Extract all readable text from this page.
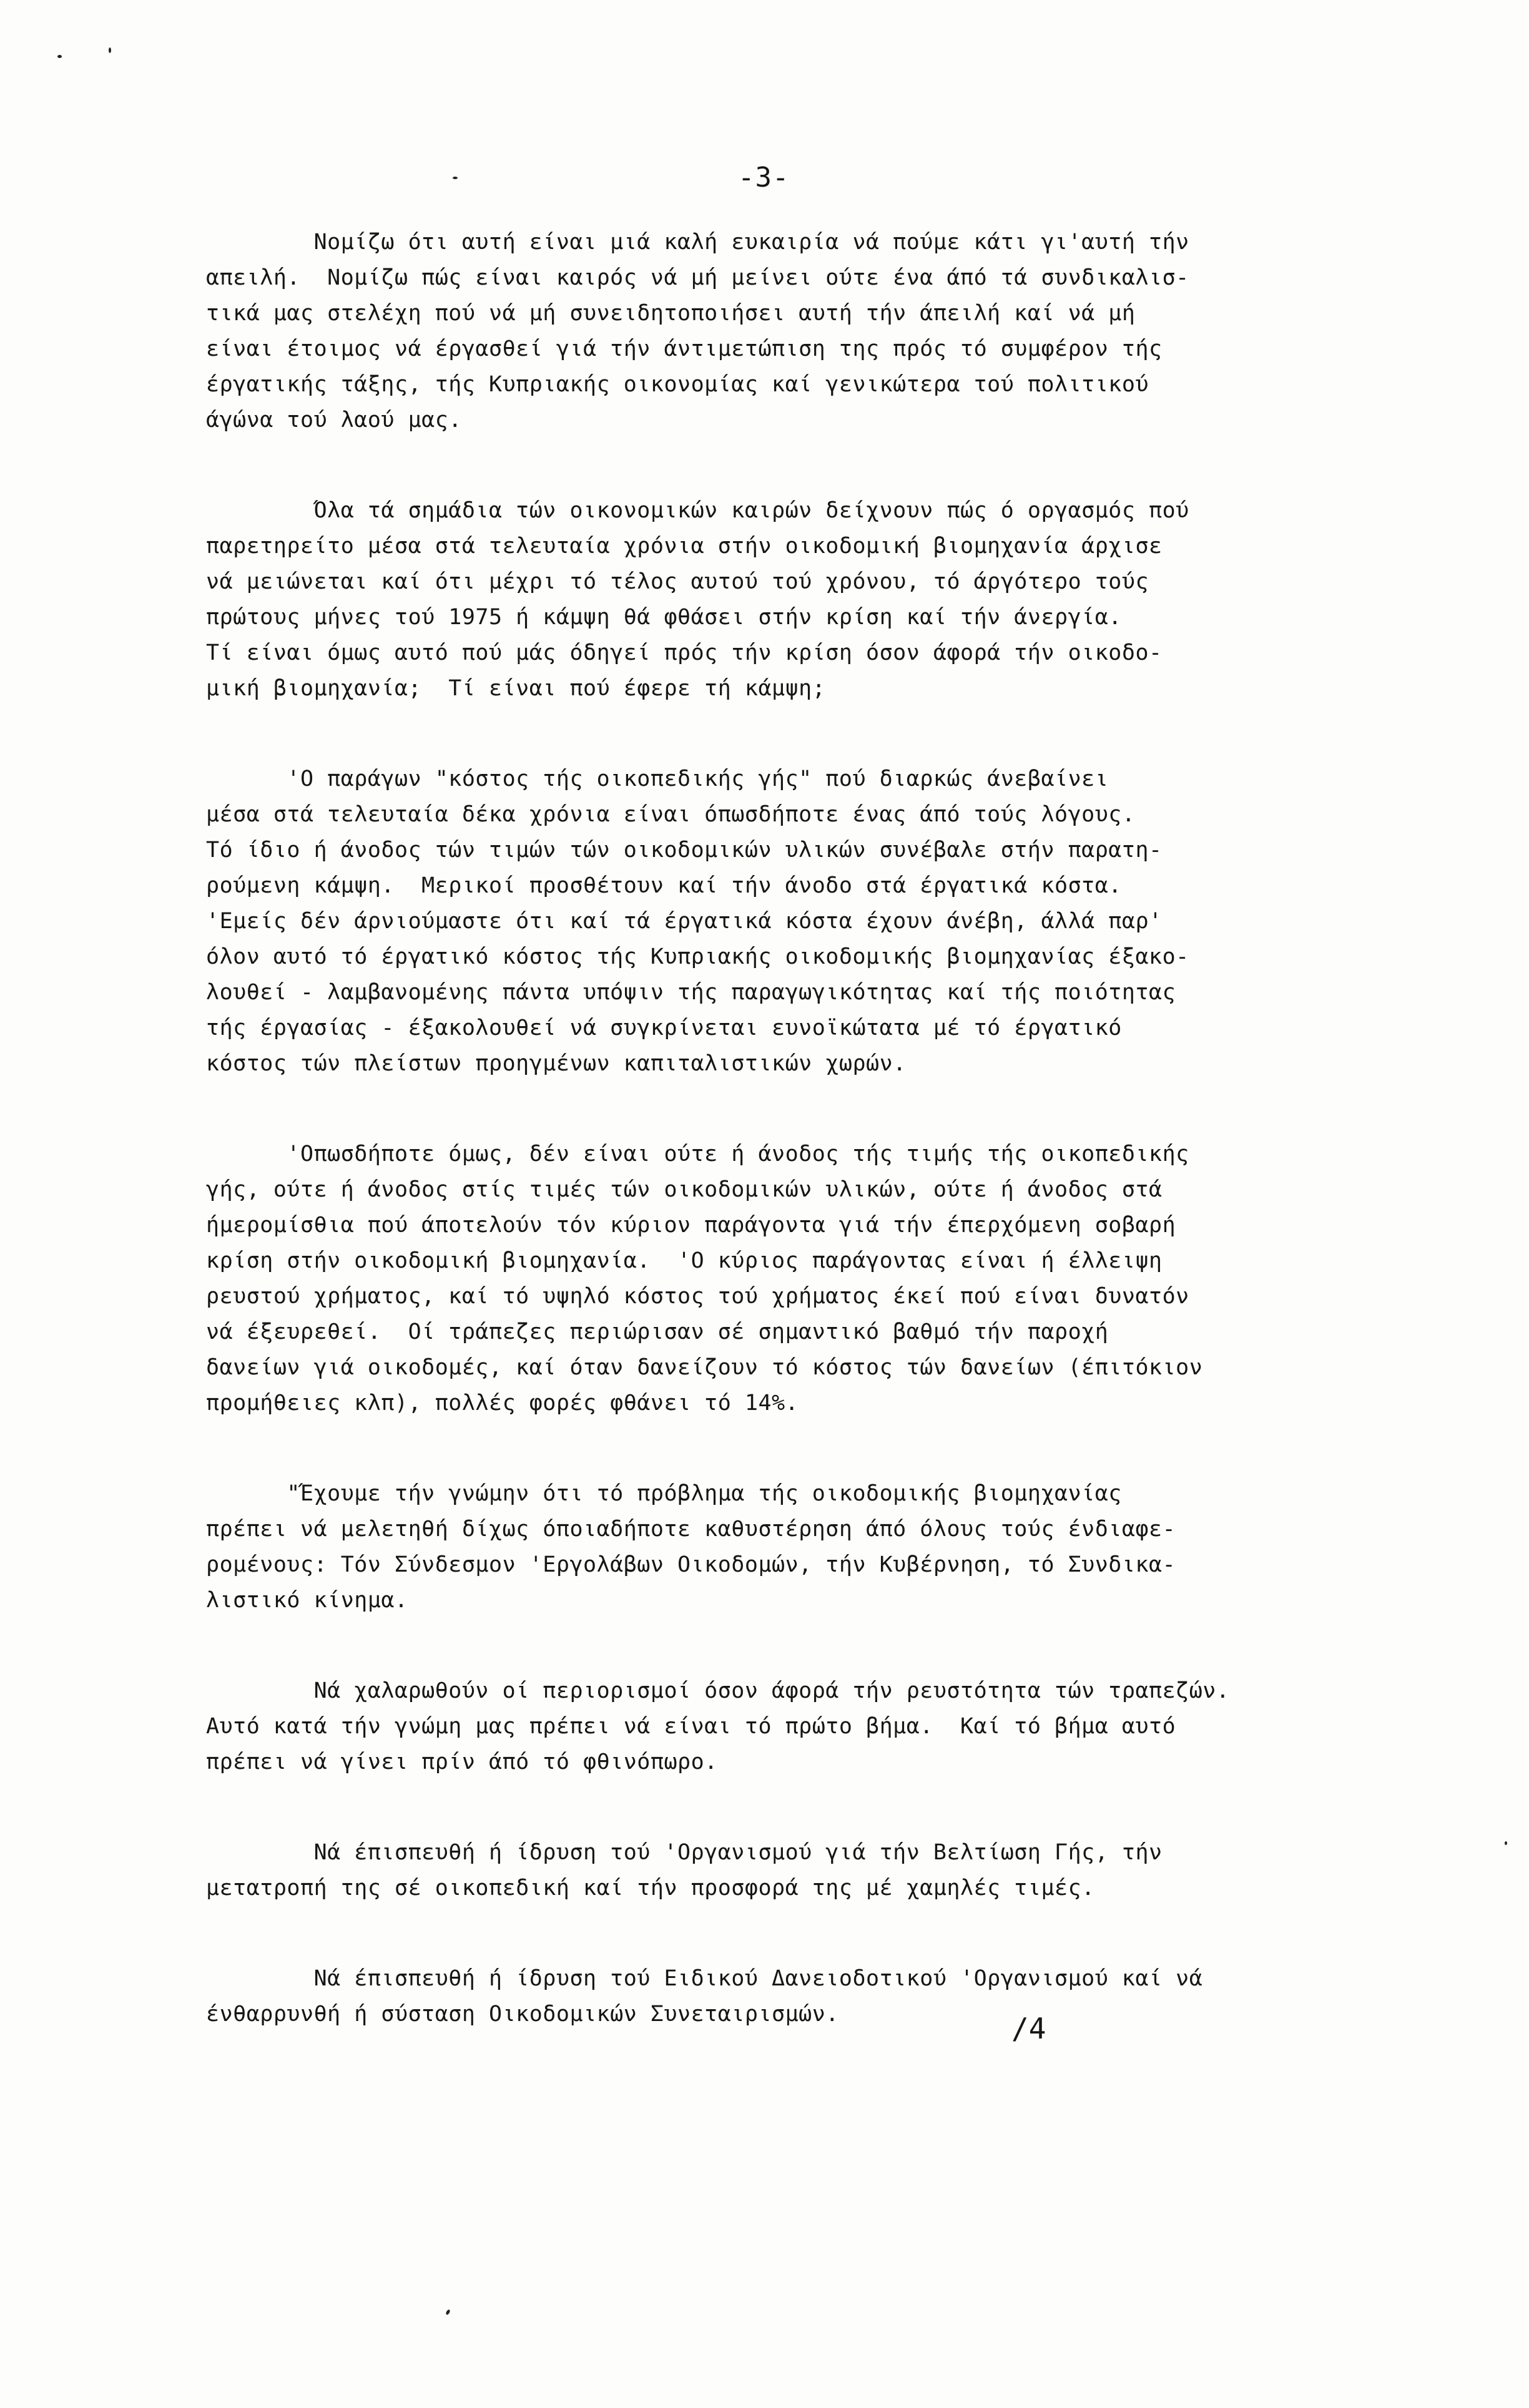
-3-
Νομίζω ότι αυτή είναι μιά καλή ευκαιρία νά πούμε κάτι γι'αυτή τήν
απειλή.  Νομίζω πώς είναι καιρός νά μή μείνει ούτε ένα άπό τά συνδικαλισ-
τικά μας στελέχη πού νά μή συνειδητοποιήσει αυτή τήν άπειλή καί νά μή
είναι έτοιμος νά έργασθεί γιά τήν άντιμετώπιση της πρός τό συμφέρον τής
έργατικής τάξης, τής Κυπριακής οικονομίας καί γενικώτερα τού πολιτικού
άγώνα τού λαού μας.
Όλα τά σημάδια τών οικονομικών καιρών δείχνουν πώς ό οργασμός πού
παρετηρείτο μέσα στά τελευταία χρόνια στήν οικοδομική βιομηχανία άρχισε
νά μειώνεται καί ότι μέχρι τό τέλος αυτού τού χρόνου, τό άργότερο τούς
πρώτους μήνες τού 1975 ή κάμψη θά φθάσει στήν κρίση καί τήν άνεργία.
Τί είναι όμως αυτό πού μάς όδηγεί πρός τήν κρίση όσον άφορά τήν οικοδο-
μική βιομηχανία;  Τί είναι πού έφερε τή κάμψη;
'Ο παράγων "κόστος τής οικοπεδικής γής" πού διαρκώς άνεβαίνει
μέσα στά τελευταία δέκα χρόνια είναι όπωσδήποτε ένας άπό τούς λόγους.
Τό ίδιο ή άνοδος τών τιμών τών οικοδομικών υλικών συνέβαλε στήν παρατη-
ρούμενη κάμψη.  Μερικοί προσθέτουν καί τήν άνοδο στά έργατικά κόστα.
'Εμείς δέν άρνιούμαστε ότι καί τά έργατικά κόστα έχουν άνέβη, άλλά παρ'
όλον αυτό τό έργατικό κόστος τής Κυπριακής οικοδομικής βιομηχανίας έξακο-
λουθεί - λαμβανομένης πάντα υπόψιν τής παραγωγικότητας καί τής ποιότητας
τής έργασίας - έξακολουθεί νά συγκρίνεται ευνοϊκώτατα μέ τό έργατικό
κόστος τών πλείστων προηγμένων καπιταλιστικών χωρών.
'Οπωσδήποτε όμως, δέν είναι ούτε ή άνοδος τής τιμής τής οικοπεδικής
γής, ούτε ή άνοδος στίς τιμές τών οικοδομικών υλικών, ούτε ή άνοδος στά
ήμερομίσθια πού άποτελούν τόν κύριον παράγοντα γιά τήν έπερχόμενη σοβαρή
κρίση στήν οικοδομική βιομηχανία.  'Ο κύριος παράγοντας είναι ή έλλειψη
ρευστού χρήματος, καί τό υψηλό κόστος τού χρήματος έκεί πού είναι δυνατόν
νά έξευρεθεί.  Οί τράπεζες περιώρισαν σέ σημαντικό βαθμό τήν παροχή
δανείων γιά οικοδομές, καί όταν δανείζουν τό κόστος τών δανείων (έπιτόκιον
προμήθειες κλπ), πολλές φορές φθάνει τό 14%.
"Έχουμε τήν γνώμην ότι τό πρόβλημα τής οικοδομικής βιομηχανίας
πρέπει νά μελετηθή δίχως όποιαδήποτε καθυστέρηση άπό όλους τούς ένδιαφε-
ρομένους: Τόν Σύνδεσμον 'Εργολάβων Οικοδομών, τήν Κυβέρνηση, τό Συνδικα-
λιστικό κίνημα.
Νά χαλαρωθούν οί περιορισμοί όσον άφορά τήν ρευστότητα τών τραπεζών.
Αυτό κατά τήν γνώμη μας πρέπει νά είναι τό πρώτο βήμα.  Καί τό βήμα αυτό
πρέπει νά γίνει πρίν άπό τό φθινόπωρο.
Νά έπισπευθή ή ίδρυση τού 'Οργανισμού γιά τήν Βελτίωση Γής, τήν
μετατροπή της σέ οικοπεδική καί τήν προσφορά της μέ χαμηλές τιμές.
Νά έπισπευθή ή ίδρυση τού Ειδικού Δανειοδοτικού 'Οργανισμού καί νά
ένθαρρυνθή ή σύσταση Οικοδομικών Συνεταιρισμών.	/4
